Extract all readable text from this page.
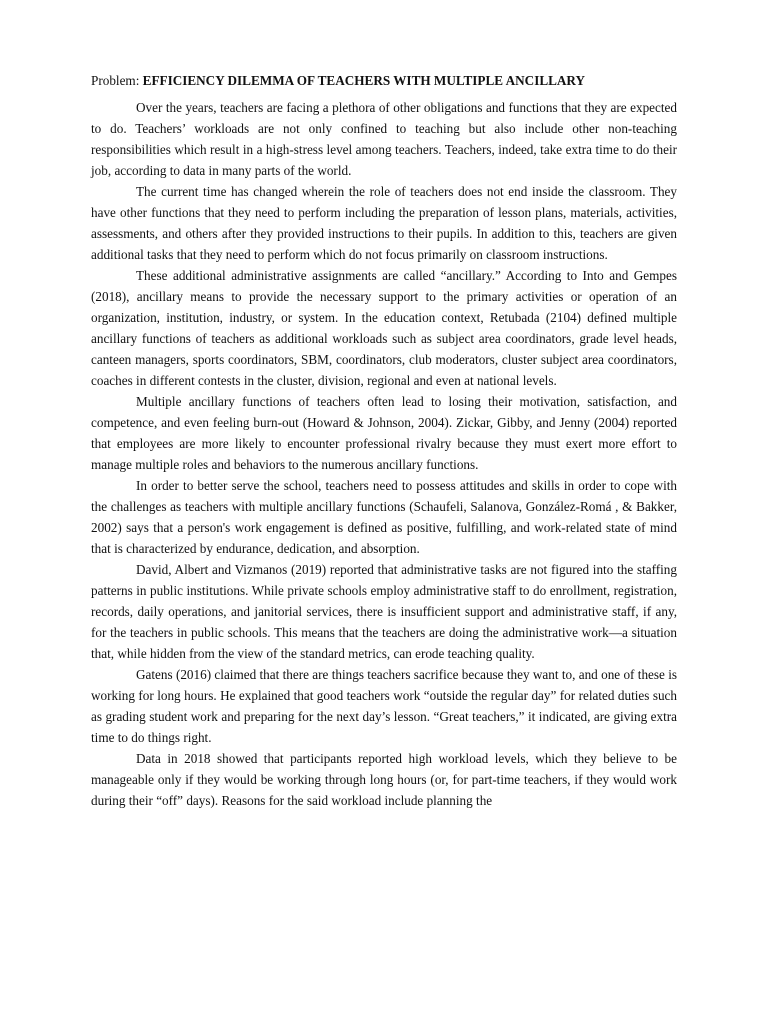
Problem: EFFICIENCY DILEMMA OF TEACHERS WITH MULTIPLE ANCILLARY

Over the years, teachers are facing a plethora of other obligations and functions that they are expected to do. Teachers’ workloads are not only confined to teaching but also include other non-teaching responsibilities which result in a high-stress level among teachers. Teachers, indeed, take extra time to do their job, according to data in many parts of the world.

The current time has changed wherein the role of teachers does not end inside the classroom. They have other functions that they need to perform including the preparation of lesson plans, materials, activities, assessments, and others after they provided instructions to their pupils. In addition to this, teachers are given additional tasks that they need to perform which do not focus primarily on classroom instructions.

These additional administrative assignments are called “ancillary.” According to Into and Gempes (2018), ancillary means to provide the necessary support to the primary activities or operation of an organization, institution, industry, or system. In the education context, Retubada (2104) defined multiple ancillary functions of teachers as additional workloads such as subject area coordinators, grade level heads, canteen managers, sports coordinators, SBM, coordinators, club moderators, cluster subject area coordinators, coaches in different contests in the cluster, division, regional and even at national levels.

Multiple ancillary functions of teachers often lead to losing their motivation, satisfaction, and competence, and even feeling burn-out (Howard & Johnson, 2004). Zickar, Gibby, and Jenny (2004) reported that employees are more likely to encounter professional rivalry because they must exert more effort to manage multiple roles and behaviors to the numerous ancillary functions.

In order to better serve the school, teachers need to possess attitudes and skills in order to cope with the challenges as teachers with multiple ancillary functions (Schaufeli, Salanova, González-Romá , & Bakker, 2002) says that a person's work engagement is defined as positive, fulfilling, and work-related state of mind that is characterized by endurance, dedication, and absorption.

David, Albert and Vizmanos (2019) reported that administrative tasks are not figured into the staffing patterns in public institutions. While private schools employ administrative staff to do enrollment, registration, records, daily operations, and janitorial services, there is insufficient support and administrative staff, if any, for the teachers in public schools. This means that the teachers are doing the administrative work—a situation that, while hidden from the view of the standard metrics, can erode teaching quality.

Gatens (2016) claimed that there are things teachers sacrifice because they want to, and one of these is working for long hours. He explained that good teachers work “outside the regular day” for related duties such as grading student work and preparing for the next day’s lesson. “Great teachers,” it indicated, are giving extra time to do things right.

Data in 2018 showed that participants reported high workload levels, which they believe to be manageable only if they would be working through long hours (or, for part-time teachers, if they would work during their “off” days). Reasons for the said workload include planning the
